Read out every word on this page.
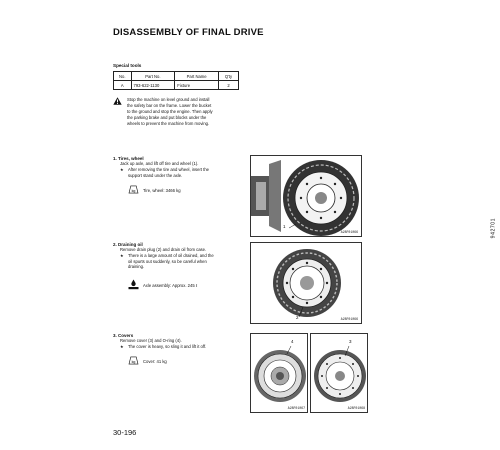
DISASSEMBLY OF FINAL DRIVE
Special tools
No.	Part No.	Part Name	Q'ty
A	793-622-1130	Fixture	2
Stop the machine on level ground and install
the safety bar on the frame. Lower the bucket
to the ground and stop the engine. Then apply
the parking brake and put blocks under the
wheels to prevent the machine from moving.
1. Tires, wheel
Jack up axle, and lift off tire and wheel (1).
★	After removing the tire and wheel, insert the
support stand under the axle.
kg Tire, wheel: 3466 kg
1
A28F01066
2. Draining oil
Remove drain plug (2) and drain oil from case.
★	There is a large amount of oil drained, and the
oil spurts out suddenly, so be careful when
draining.
Axle assembly: Approx. 245 ℓ
2	A28F01066
3. Covers
Remove cover (3) and O-ring (4).
★	The cover is heavy, so sling it and lift it off.
kg Cover: 41 kg
4
A28F01067
3
A28F01068
942701
30-196
